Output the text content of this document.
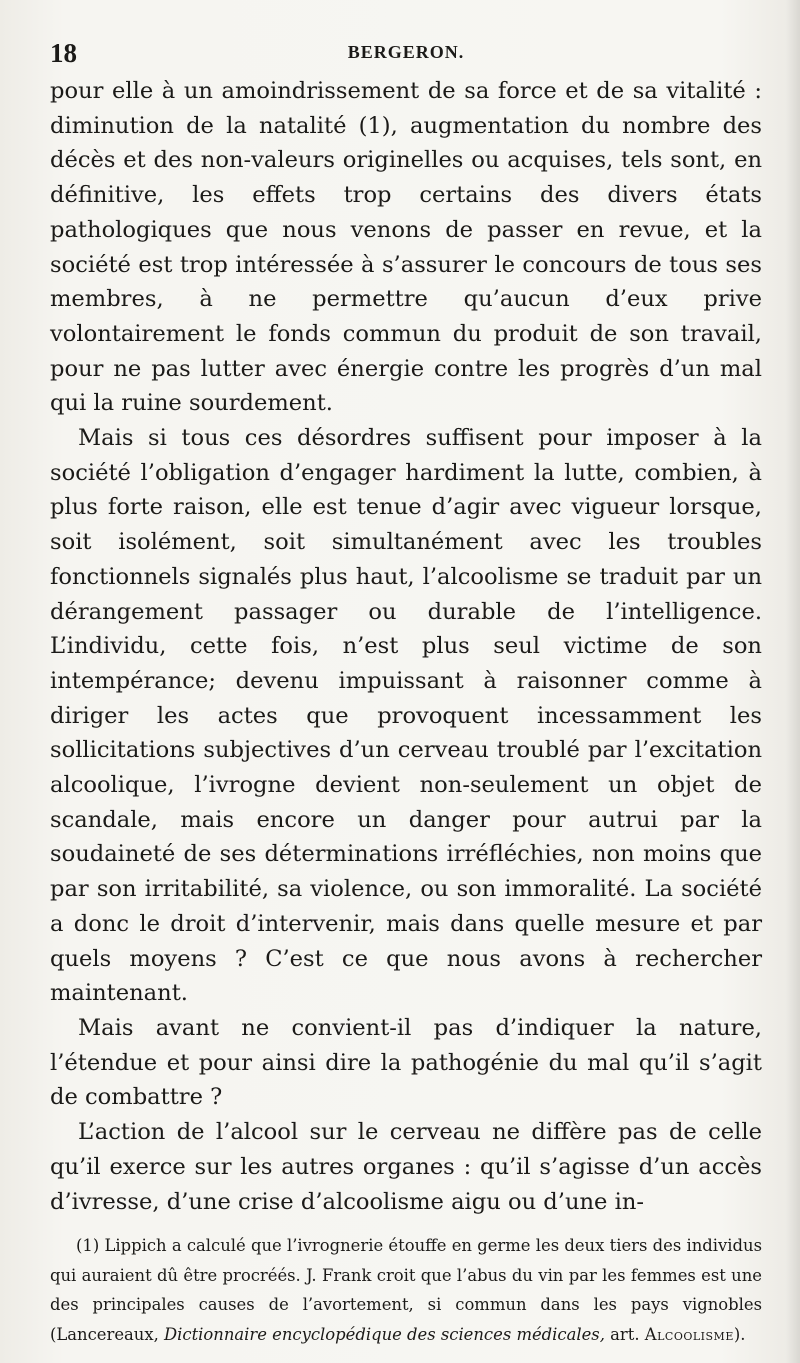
18	BERGERON.

pour elle à un amoindrissement de sa force et de sa vitalité : diminution de la natalité (1), augmentation du nombre des décès et des non-valeurs originelles ou acquises, tels sont, en définitive, les effets trop certains des divers états pathologiques que nous venons de passer en revue, et la société est trop intéressée à s’assurer le concours de tous ses membres, à ne permettre qu’aucun d’eux prive volontairement le fonds commun du produit de son travail, pour ne pas lutter avec énergie contre les progrès d’un mal qui la ruine sourdement.

Mais si tous ces désordres suffisent pour imposer à la société l’obligation d’engager hardiment la lutte, combien, à plus forte raison, elle est tenue d’agir avec vigueur lorsque, soit isolément, soit simultanément avec les troubles fonctionnels signalés plus haut, l’alcoolisme se traduit par un dérangement passager ou durable de l’intelligence. L’individu, cette fois, n’est plus seul victime de son intempérance; devenu impuissant à raisonner comme à diriger les actes que provoquent incessamment les sollicitations subjectives d’un cerveau troublé par l’excitation alcoolique, l’ivrogne devient non-seulement un objet de scandale, mais encore un danger pour autrui par la soudaineté de ses déterminations irréfléchies, non moins que par son irritabilité, sa violence, ou son immoralité. La société a donc le droit d’intervenir, mais dans quelle mesure et par quels moyens ? C’est ce que nous avons à rechercher maintenant.

Mais avant ne convient-il pas d’indiquer la nature, l’étendue et pour ainsi dire la pathogénie du mal qu’il s’agit de combattre ?

L’action de l’alcool sur le cerveau ne diffère pas de celle qu’il exerce sur les autres organes : qu’il s’agisse d’un accès d’ivresse, d’une crise d’alcoolisme aigu ou d’une in-

(1) Lippich a calculé que l’ivrognerie étouffe en germe les deux tiers des individus qui auraient dû être procréés. J. Frank croit que l’abus du vin par les femmes est une des principales causes de l’avortement, si commun dans les pays vignobles (Lancereaux, Dictionnaire encyclopédique des sciences médicales, art. Alcoolisme).
